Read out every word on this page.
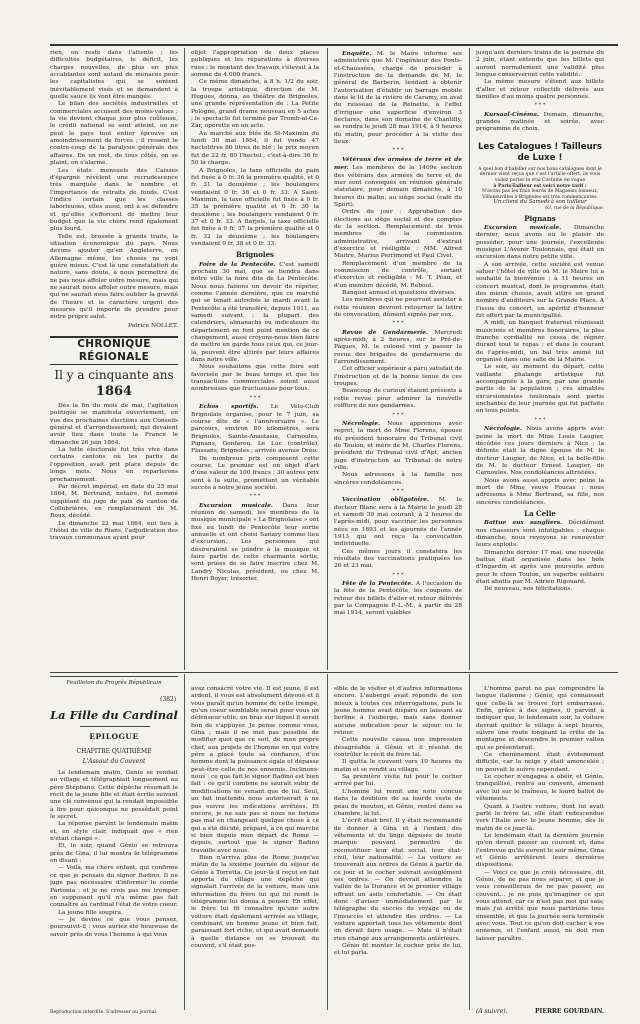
rien, on reste dans l'attente ; les difficultés budgétaires, le déficit, les charges nouvelles, de plus en plus accablantes sont autant de menaces pour les capitalistes qui se sentent inévitablement visés et se demandent à quelle sauce ils vont être mangés.

Le bilan des sociétés industrielles et commerciales accusent des moins-values ; la vie devient chaque jour plus coûteuse, le crédit national se sent atteint, on ne peut le pays tout entier éprouve un amoindrissement de forces ; il ressent le contre-coup de la paralysie générale des affaires. En un mot, de tous côtés, on se plaint, on s'alarme.

Les états mensuels des Caisses d'épargne révèlent une recrudescence très marquée dans le nombre et l'importance de retraits de fonds. C'est l'indice certain que les classes laborieuses, elles aussi, ont à se défendre et qu'elles s'efforcent de mettre leur budget que la vie chère rend également plus lourd.

Telle est, brossée à grands traits, la situation économique du pays. Nous devons ajouter qu'en Angleterre, en Allemagne même, les choses ne vont guère mieux. C'est là une constatation de nature, sans doute, à nous permettre de ne pas nous affoler outre mesure, mais qui ne saurait nous affoler outre mesure, mais qui ne saurait nous faire oublier la gravité de l'heure et le caractère urgent des mesures qu'il importe de prendre pour notre propre salut.

Patrice NOLLET.
CHRONIQUE RÉGIONALE
Il y a cinquante ans
1864

Dès la fin du mois de mai, l'agitation politique se manifesta ouvertement, en vue des prochaines élections aux Conseils général et d'arrondissement, qui devaient avoir lieu dans toute la France le dimanche 26 juin 1864.

La lutte électorale fut très vive dans certains cantons où les partis de l'opposition avait prit place depuis de longs mois. Nous en reparlerons prochainement.

Par décret impérial, en date du 25 mai 1864, M. Bertrand, notaire, fut nommé suppléant du juge de paix du canton de Collobrières, en remplacement de M. Roux, décédé.

Le dimanche 22 mai 1864, eut lieu à l'hôtel de ville de Rians, l'adjudication des travaux communaux ayant pour

objet l'appropriation de deux places publiques et les réparations à diverses rues ; le montant des travaux s'élevait à la somme de 4.000 francs.

Ce même dimanche, à 8 h. 1/2 du soir, la troupe artistique, direction de M. Hugues, donna, au théâtre de Brignoles, une grande représentation de : La Petite Pologne, grand drame nouveau en 5 actes ; le spectacle fut terminé par Tromb-al-Ca-Zar, opérette en un acte.

Au marché aux blés de St-Maximin du lundi 30 mai 1864, il fut vendu 47 hectolitres 80 litres de blé ; le prix moyen fut de 22 fr. 80 l'hectol., c'est-à-dire 36 fr. 50 la charge.

A Brignoles, la taxe officielle du pain fut fixée à 0 fr. 36 la première qualité, et 0 fr. 31 la deuxième ; les boulangers vendaient 0 fr. 38 et 0 fr. 33. A Saint-Maximin, la taxe officielle fut fixée à 0 fr. 35 la première qualité et 0 fr. 30 la deuxième ; les boulangers vendaient 0 fr. 37 et 0 fr. 33. A Barjols, la taxe officielle fut fixée à 0 fr. 37 la première qualité et 0 fr. 32 la deuxième ; les boulangers vendaient 0 fr. 38 et 0 fr. 33.

Brignoles

Foire de la Pentecôte. C'est samedi prochain 30 mai, que se tiendra dans notre ville la foire dite de La Pentecôte. Nous nous faisons un devoir de répéter, comme l'année dernière, que ce marché qui se tenait autrefois le mardi avant la Pentecôte a été transféré, depuis 1911, au samedi suivant ; la plupart des calendriers, almanachs ou indicateurs du département ne font point mention de ce changement, aussi croyons-nous bien faire de mettre en garde tous ceux qui, ce jour-là, peuvent être attirés par leurs affaires dans notre ville.

Nous souhaitons que cette foire soit favorisée par le beau temps et que les transactions commerciales soient aussi nombreuses que fructueuses pour tous.

* * *

Echos sportifs. Le Vélo-Club Brignolais organise, pour le 7 juin, sa course dite de « l'anniversaire ». Le parcours, environ 80 kilomètres, sera Brignoles, Sainte-Anastasie, Carnoules, Pignans, Gonfaron, Le Luc (contrôle), Flassans, Brignoles ; arrivée avenue Dréo.

De nombreux prix composent cette course. Le premier est un objet d'art d'une valeur de 100 francs ; 30 autres prix sont à la suite, promettant un véritable succès à notre jeune société.

* * *

Excursion musicale. Dans leur réunion de samedi, les membres de la musique municipale « La Brignolaise » ont fixé au lundi de Pentecôte leur sortie annuelle et ont choisi Sanary comme lieu d'excursion. Les personnes qui désireraient se joindre à la musique et faire partie de cette charmante sortie, sont priées de se faire inscrire chez M. Landry Nicolas, président, ou chez M. Henri Boyer, trésorier.

Enquête. M. le Maire informe ses administrés que M. l'ingénieur des Ponts-et-Chaussées, chargé de procéder à l'instruction de la demande de M. le général de Barberin, tendant à obtenir l'autorisation d'établir un barrage mobile dans le lit de la rivière de Caramy, en aval du ruisseau de la Reinette, à l'effet d'irriguer une superficie d'environ 3 hectares, dans son domaine de Chantilly, se rendra le jeudi 28 mai 1914, à 9 heures du matin, pour procéder à la visite des lieux.

* * *

Vétérans des armées de terre et de mer. Les membres de la 1409e section des vétérans des armées de terre et de mer sont convoqués en réunion générale statutaire, pour demain dimanche, à 10 heures du matin, au siège social (café du Sport).

Ordre du jour : Approbation des élections au siège social et des comptes de la section. Remplacement de trois membres de la commission administrative, arrivant d'extrait d'exercice et rééligible : MM. Alfred Maitre, Marius Perrimond et Paul Civel.

Remplacement d'un membre de la commission de contrôle, sortant d'exercice et rééligible : M. T. Péan, et d'un membre décédé, M. Reboul.

Banquet annuel et questions diverses.

Les membres qui ne pourront assister à cette réunion devront retourner la lettre de convocation, dûment signée par eux.

* * *

Revue de Gendarmerie. Mercredi après-midi, à 2 heures, sur le Pré-de-Pâques, M. le colonel vint y passer la revue des brigades de gendarmerie de l'arrondissement.

Cet officier supérieur a paru satisfait de l'instruction et de la bonne tenue de ces troupes.

Beaucoup de curieux étaient présents à cette revue pour admirer la nouvelle coiffure de nos gendarmes.

* * *

Nécrologie. Nous apprenons avec regret, la mort de Mme Florens, épouse du président honoraire du Tribunal civil de Toulon, et mère de M. Charles Florens, président du Tribunal civil d'Apt, ancien juge d'instruction au Tribunal de notre ville.

Nous adressons à la famille nos sincères condoléances.

* * *

Vaccination obligatoire. M. le docteur Blanc sera à la Mairie le jeudi 28 et samedi 30 mai courant, à 2 heures de l'après-midi, pour vacciner les personnes nées en 1893 et les ajournés de l'année 1913 qui ont reçu la convocation individuelle.

Ces mêmes jours il constatera les résultats des vaccinations pratiquées les 20 et 23 mai.

* * *

Fête de la Pentecôte. A l'occasion de la fête de la Pentecôte, les coupons de retour des billets d'aller et retour délivrés par la Compagnie P.-L.-M., à partir du 28 mai 1914, seront valables

jusqu'aux derniers trains de la journée du 2 juin, étant entendu que les billets qui auront normalement une validité plus longue conserveront cette validité.

La même mesure s'étend aux billets d'aller et retour collectifs délivrés aux familles d'au moins quatre personnes.

* * *

Kursaal-Cinéma. Demain, dimanche, grandes matinée et soirée, avec programme de choix.

Les Catalogues ! Tailleurs de Luxe !
A quel bon d'habiller sur nos bons catalogues dont le dernier vient reçus que c'est l'article offert, ils vous voilez porter le vrai Costume en vogue
à Paris-Tailleur est voici notre tarif :
N'avons pas les frais lourds de Magasins luxueux, Villeneuvilles à Brignoles est très commençantes.
Un client du Samedi à son tailleur
63, rue de la République.
Pignans

Excursion musicale. Dimanche dernier, nous avons eu le plaisir de posséder, pour une journée, l'excellente musique L'Avenir Toulonnais, qui était en excursion dans notre petite ville.

A son arrivée, cette société est venue saluer l'hôtel de ville où M. le Maire lui a souhaité la bienvenue ; à 11 heures un concert musical, dont le programme était des mieux choisis, avait attiré un grand nombre d'auditeurs sur la Grande Place. A l'issue du concert, un apéritif d'honneur fut offert par la municipalité.

A midi, un banquet fraternel réunissait musiciens et membres honoraires, la plus franche cordialité ne cessa de régner durant tout le repas ; et dans le courant de l'après-midi, un bal très animé fut organisé dans une salle de la Mairie.

Le soir, au moment du départ, cette vaillante phalange artistique fut accompagnée à la gare, par une grande partie de la population ; ces aimables excursionnistes toulonnais sont partis enchantés de leur journée qui fut parfaite en tous points.

* * *

Nécrologie. Nous avons appris avec peine la mort de Mme Louis Laugier, décédée ces jours derniers à Nice ; la défunte était la digne épouse de M. le docteur Laugier, de Nice, et la belle-fille de M. le docteur Ernest Laugier, de Carnoules. Nos condoléances attristées.

Nous avons aussi appris avec peine la mort de Mme veuve Foucas ; nous adressons à Mme Bertrand, sa fille, nos sincères condoléances.

La Celle

Battue aux sangliers. Décidément nos chasseurs sont infatigables ; chaque dimanche, nous revoyons se renouveler leurs exploits.

Dimanche dernier 17 mai, une nouvelle battue était organisée dans les bois d'Ingardin et après une poursuite ardue pour le chien Toulon, un superbe solitaire était abattu par M. Adrien Rigouard.

De nouveau, nos félicitations.

Feuilleton du Progrès Républicain
(382)
La Fille du Cardinal
EPILOGUE
CHAPITRE QUATRIÈME
L'Assaut du Couvent

Le lendemain matin, Génio se rendait au village et télégraphiait longuement au père Stéphano. Cette dépêche résumait le récit de la jeune fille et était écrite suivant une clé convenue qui la rendait impossible à lire pour quiconque ne possédait point le secret.

La réponse parvint le lendemain matin et, en style clair, indiquait que « rien n'était changé ».

Et, le soir, quand Génio se retrouva près de Gina, il lui montra le télégramme en disant :

— Voilà, ma chère enfant, qui confirme ce que je pensais du signor Badino. Il ne juge pas nécessaire d'informer le comte Partonia ; et je ne crois pas me tromper en supposant qu'il n'a même pas fait connaître au cardinal l'état de votre coeur.

La jeune fille soupira.

— Je devine ce que vous pensez, poursuivit-il : vous auriez été heureuse de savoir près de vous l'homme à qui vous

avez consacré votre vie. Il est jeune, il est ardent, il vous est absolument dévoué et il vous paraît qu'un homme de cette trempe, qu'un coeur semblable serait pour vous un défenseur utile, un bras sur lequel il serait bon de s'appuyer. Je pense comme vous, Gina ; mais il ne met pas possible de modifier quoi que ce soit, de mon propre chef, aux projets de l'homme en qui votre père a placé toute sa confiance, d'un homme dont la puissance égale et dépasse peut-être celle de nos ennemis. Inclinons-nous : ce que fait le signor Badino est bien fait : ce qu'il combine ne saurait subir de modifications ne venant que de lui. Seul, un fait inattendu nous autoriserait à ne pas suivre les indications arrêtées. Et encore, je ne sais pas si nous ne ferions pas mal en changeant quelque chose à ce qui a été décidé, préparé, à ce qui marche si bien depuis mon départ de Rome — depuis, surtout que le signor Badino travaille avec nous.

Bien n'arriva plus de Rome jusqu'au matin de la sixième journée du séjour de Génio à Torretta. Ce jour-là il reçut en fait apporta du village une dépêche qui signalait l'arrivée de la voiture, mais une information du frère lui qui lui remit le télégramme lui donna à penser. En effet, le frère lui fit connaître qu'une autre voiture était également arrivée au village, combinant un homme jeune et bien fait, paraissant fort riche, et qui avait demandé à quelle distance on se trouvait du couvent, s'il était pos-

sible de le visiter et d'autres informations encore. L'auberge avait répondu de son mieux à toutes ces interrogations, puis le jeune homme avait disparu en laissant sa berline à l'auberge, mais sans donner aucune indication pour le séjour ou le retour.

Cette nouvelle causa une impression désagréable à Génio et il résolut de contrôler le récit du frère lai.

Il quitta le couvent vers 10 heures du matin et se rendit au village.

Sa première visite fut pour le cocher arrivé par lui.

L'homme lui remit une note concue dans la doublure de sa lourde veste de peau de mouton, et Génio, rentré dans sa chambre, la lut.

L'écrit était bref. Il y était recommandé de donner à Gina et à l'enfant des vêtements et du linge déposés de toute marque pouvant permettre de reconstituer leur état social, leur état-civil, leur nationalité. — La voiture se trouverait aux ordres de Génio à partir de ce jour et le cocher suivrait aveuglément ses ordres. — On devrait atteindre la vallée de la Durance et le premier village offrant un asile confortable. — On était donc d'aviser immédiatement par le télégraphe du succès du voyage ou de l'insuccès et attendre des ordres. — La voiture apportait tous les vêtements dont on devait faire usage. — Mais il n'était rien changé aux arrangements antérieurs.

Génio fit monter le cocher près de lui, et lui parla.

L'homme parut ne pas comprendre la langue italienne ; Génio, qui connaissait que celle-là se trouve fort embarrassé. Enfin, grâce à des signes, il parvint à indiquer que, le lendemain soir, la voiture devrait quitter le village à sept heures, suivre une route longeant la crête de la montagne et descendre le premier vallon qui se présenterait.

Ce cheminement était évidemment difficile, car la neige y était amoncelée ; on pouvait le suivre cependant.

Le cocher n'engagea à obéir, et Génio, tranquillisé, rentra au couvent, amenant avec lui sur le traîneau, le lourd ballot de vêtements.

Quant à l'autre voiture, dont lui avait parlé le frère lai, elle était redescendue vers l'Italie avec le jeune homme, dès le matin de ce jour-là.

Le lendemain était la dernière journée qu'on devait passer au couvent et, dans l'entrevue qu'ils eurent le soir même, Gina et Génio arrêtèrent leurs dernières dispositions.

— Voici ce que je crois nécessaire, dit Génio, de ne pas nous séparer, et que je vous conseillerais de ne pas passer, au couvent... je ne puis qu'imaginer ce qui vous attend, car ce n'est pas moi qui sais; mais j'ai arrêté que nous partirions tous ensemble, et que la journée sera terminée avec vous. Tout ce qu'on doit cacher à vos ennemis, et l'enfant aussi, ne doit rien laisser paraître.

Reproduction interdite. S'adresser au journal.	(A suivre).	PIERRE GOURDAIN.
